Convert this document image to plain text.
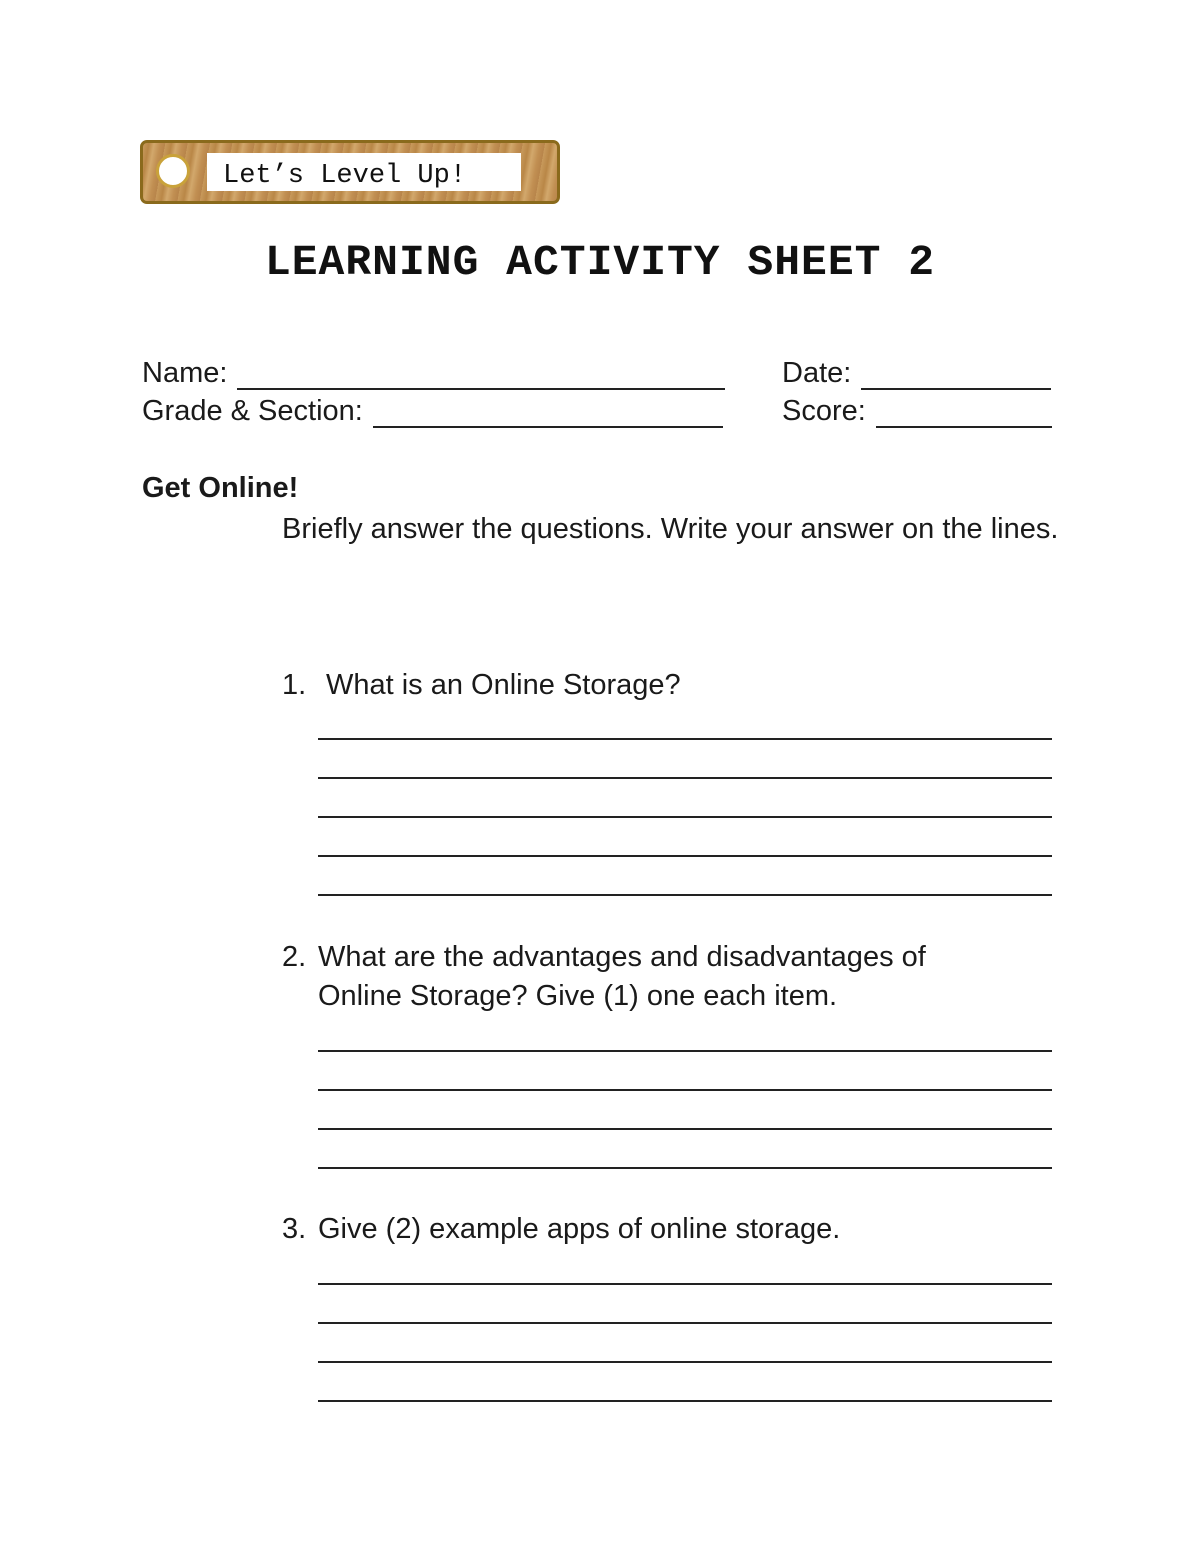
Let’s Level Up!
LEARNING ACTIVITY SHEET 2
Name:	Date:
Grade & Section:	Score:
Get Online!
Briefly answer the questions. Write your answer on the lines.
1. What is an Online Storage?
2. What are the advantages and disadvantages of Online Storage? Give (1) one each item.
3. Give (2) example apps of online storage.
